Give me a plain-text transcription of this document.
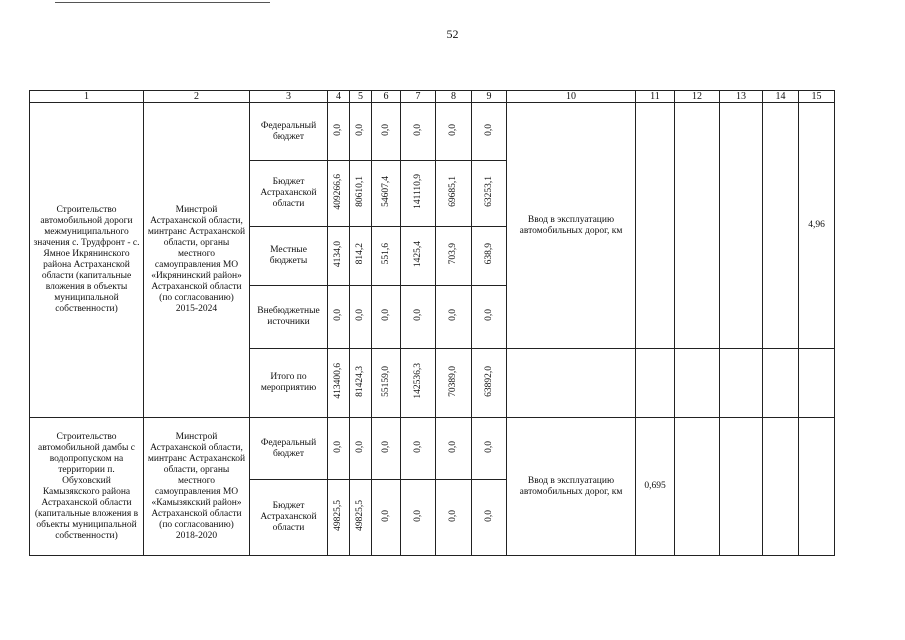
52
1	2	3	4	5	6	7	8	9	10	11	12	13	14	15

Строительство автомобильной дороги межмуниципального значения с. Трудфронт - с. Ямное Икрянинского района Астраханской области (капитальные вложения в объекты муниципальной собственности)	Минстрой Астраханской области, минтранс Астраханской области, органы местного самоуправления МО «Икрянинский район» Астраханской области (по согласованию) 2015-2024	Федеральный бюджет	0,0	0,0	0,0	0,0	0,0	0,0	Ввод в эксплуатацию автомобильных дорог, км					4,96

		Бюджет Астраханской области	409266,6	80610,1	54607,4	141110,9	69685,1	63253,1						

		Местные бюджеты	4134,0	814,2	551,6	1425,4	703,9	638,9						

		Внебюджетные источники	0,0	0,0	0,0	0,0	0,0	0,0						

		Итого по мероприятию	413400,6	81424,3	55159,0	142536,3	70389,0	63892,0						

Строительство автомобильной дамбы с водопропуском на территории п. Обуховский Камызякского района Астраханской области (капитальные вложения в объекты муниципальной собственности)	Минстрой Астраханской области, минтранс Астраханской области, органы местного самоуправления МО «Камызякский район» Астраханской области (по согласованию) 2018-2020	Федеральный бюджет	0,0	0,0	0,0	0,0	0,0	0,0	Ввод в эксплуатацию автомобильных дорог, км	0,695				

		Бюджет Астраханской области	49825,5	49825,5	0,0	0,0	0,0	0,0						
